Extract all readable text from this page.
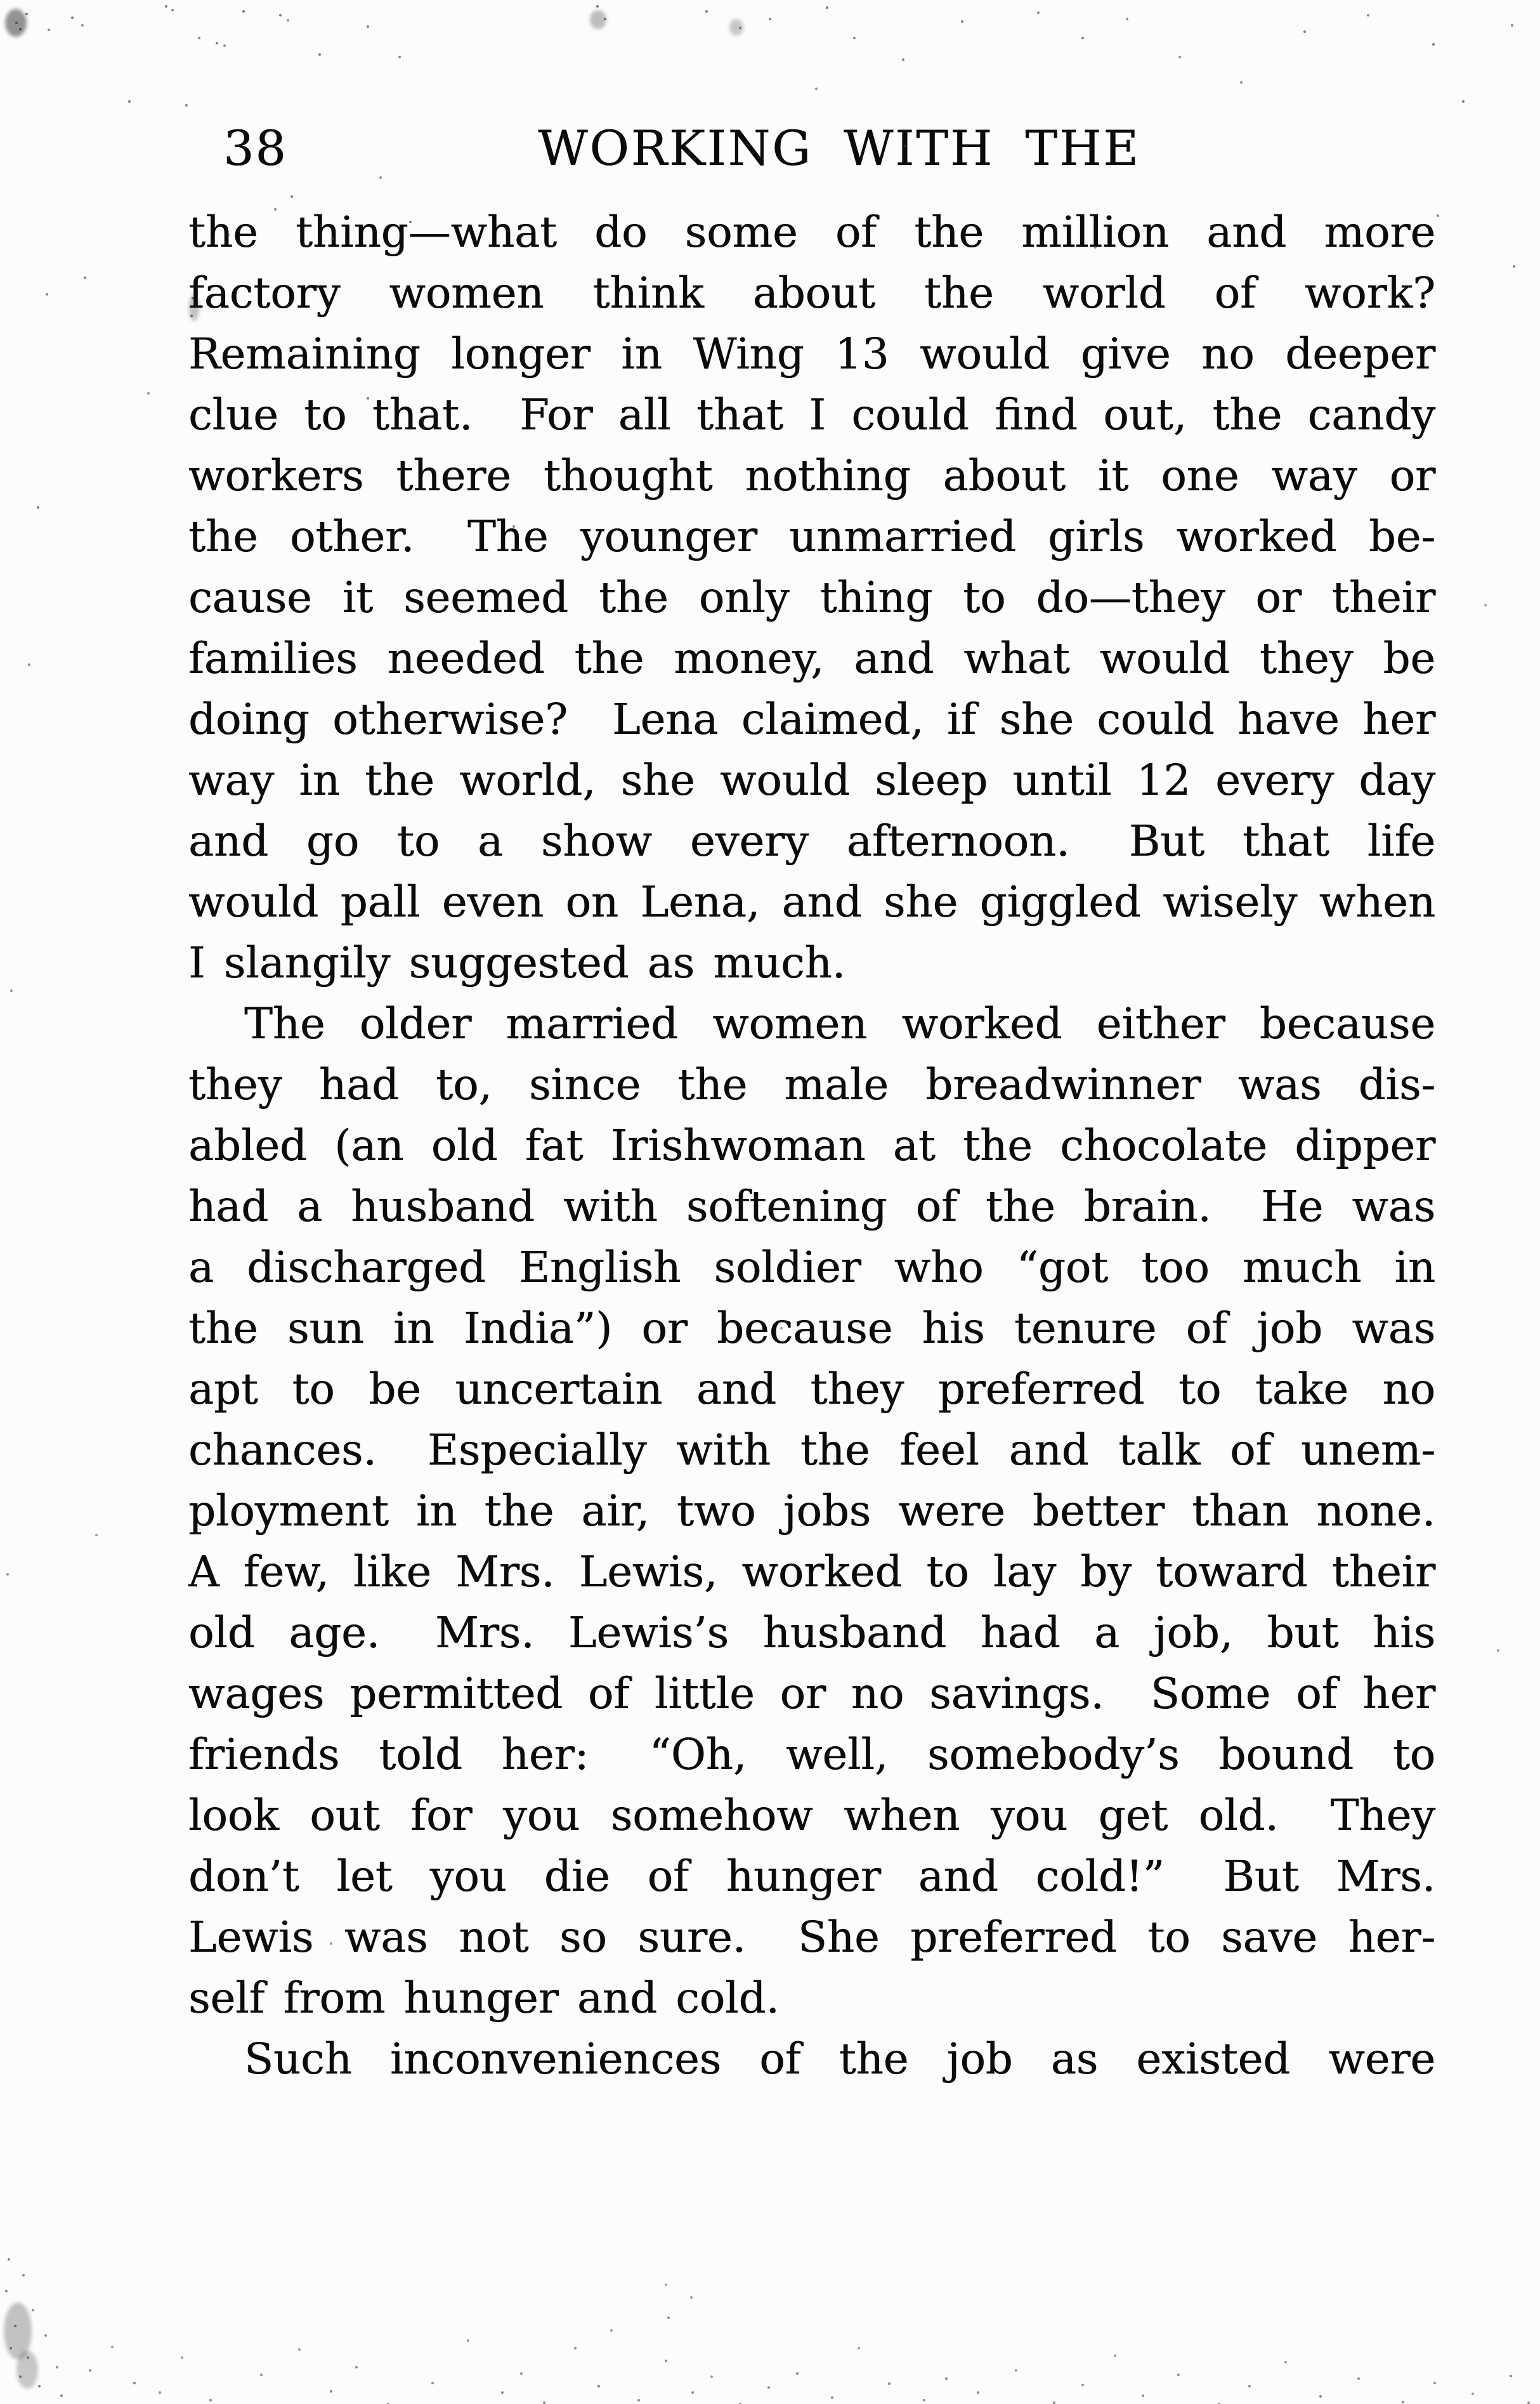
38	WORKING WITH THE
the thing—what do some of the million and more
factory women think about the world of work?
Remaining longer in Wing 13 would give no deeper
clue to that.  For all that I could find out, the candy
workers there thought nothing about it one way or
the other.  The younger unmarried girls worked be-
cause it seemed the only thing to do—they or their
families needed the money, and what would they be
doing otherwise?  Lena claimed, if she could have her
way in the world, she would sleep until 12 every day
and go to a show every afternoon.  But that life
would pall even on Lena, and she giggled wisely when
I slangily suggested as much.
The older married women worked either because
they had to, since the male breadwinner was dis-
abled (an old fat Irishwoman at the chocolate dipper
had a husband with softening of the brain.  He was
a discharged English soldier who “got too much in
the sun in India”) or because his tenure of job was
apt to be uncertain and they preferred to take no
chances.  Especially with the feel and talk of unem-
ployment in the air, two jobs were better than none.
A few, like Mrs. Lewis, worked to lay by toward their
old age.  Mrs. Lewis’s husband had a job, but his
wages permitted of little or no savings.  Some of her
friends told her:  “Oh, well, somebody’s bound to
look out for you somehow when you get old.  They
don’t let you die of hunger and cold!”  But Mrs.
Lewis was not so sure.  She preferred to save her-
self from hunger and cold.
Such inconveniences of the job as existed were
